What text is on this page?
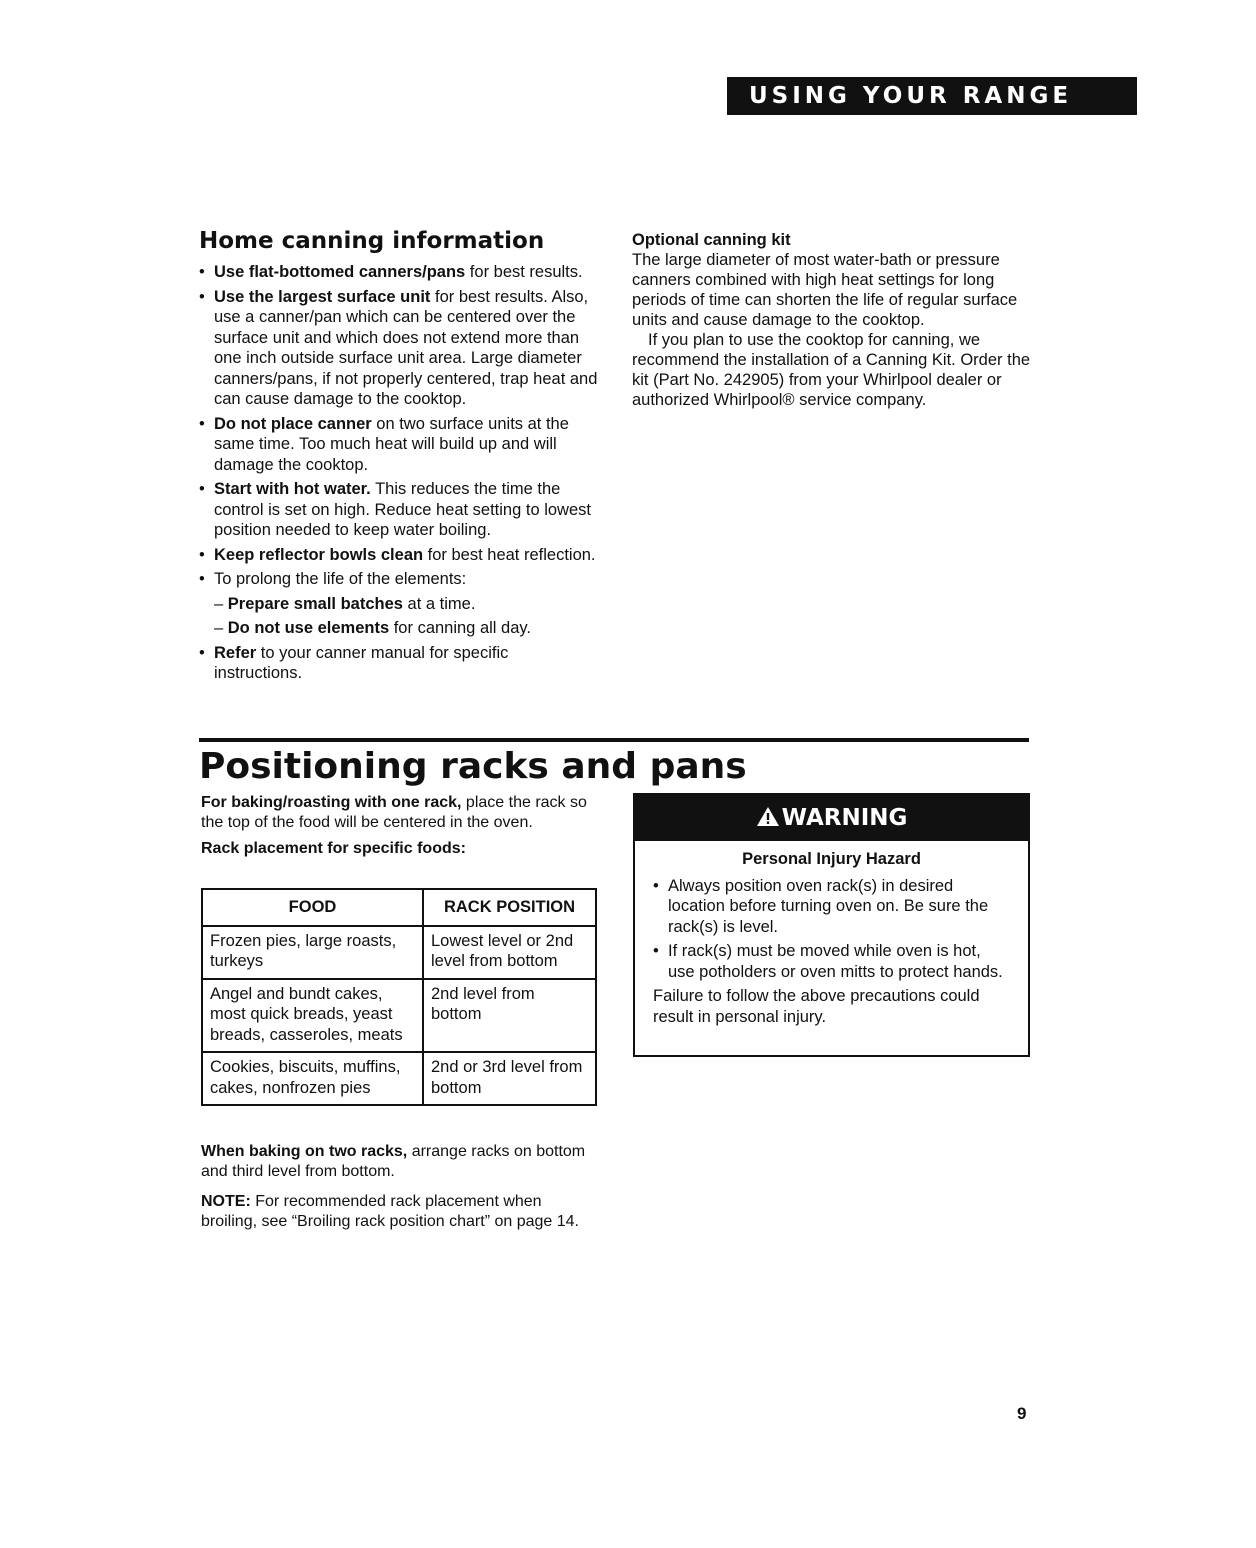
USING YOUR RANGE
Home canning information
• Use flat-bottomed canners/pans for best results.
• Use the largest surface unit for best results. Also, use a canner/pan which can be centered over the surface unit and which does not extend more than one inch outside surface unit area. Large diameter canners/pans, if not properly centered, trap heat and can cause damage to the cooktop.
• Do not place canner on two surface units at the same time. Too much heat will build up and will damage the cooktop.
• Start with hot water. This reduces the time the control is set on high. Reduce heat setting to lowest position needed to keep water boiling.
• Keep reflector bowls clean for best heat reflection.
• To prolong the life of the elements:
– Prepare small batches at a time.
– Do not use elements for canning all day.
• Refer to your canner manual for specific instructions.

Optional canning kit

The large diameter of most water-bath or pressure canners combined with high heat settings for long periods of time can shorten the life of regular surface units and cause damage to the cooktop.

If you plan to use the cooktop for canning, we recommend the installation of a Canning Kit. Order the kit (Part No. 242905) from your Whirlpool dealer or authorized Whirlpool® service company.

Positioning racks and pans

For baking/roasting with one rack, place the rack so the top of the food will be centered in the oven.

Rack placement for specific foods:

FOOD	RACK POSITION
Frozen pies, large roasts, turkeys	Lowest level or 2nd level from bottom
Angel and bundt cakes, most quick breads, yeast breads, casseroles, meats	2nd level from bottom
Cookies, biscuits, muffins, cakes, nonfrozen pies	2nd or 3rd level from bottom

When baking on two racks, arrange racks on bottom and third level from bottom.

NOTE: For recommended rack placement when broiling, see “Broiling rack position chart” on page 14.

WARNING
Personal Injury Hazard
• Always position oven rack(s) in desired location before turning oven on. Be sure the rack(s) is level.
• If rack(s) must be moved while oven is hot, use potholders or oven mitts to protect hands.

Failure to follow the above precautions could result in personal injury.

9
